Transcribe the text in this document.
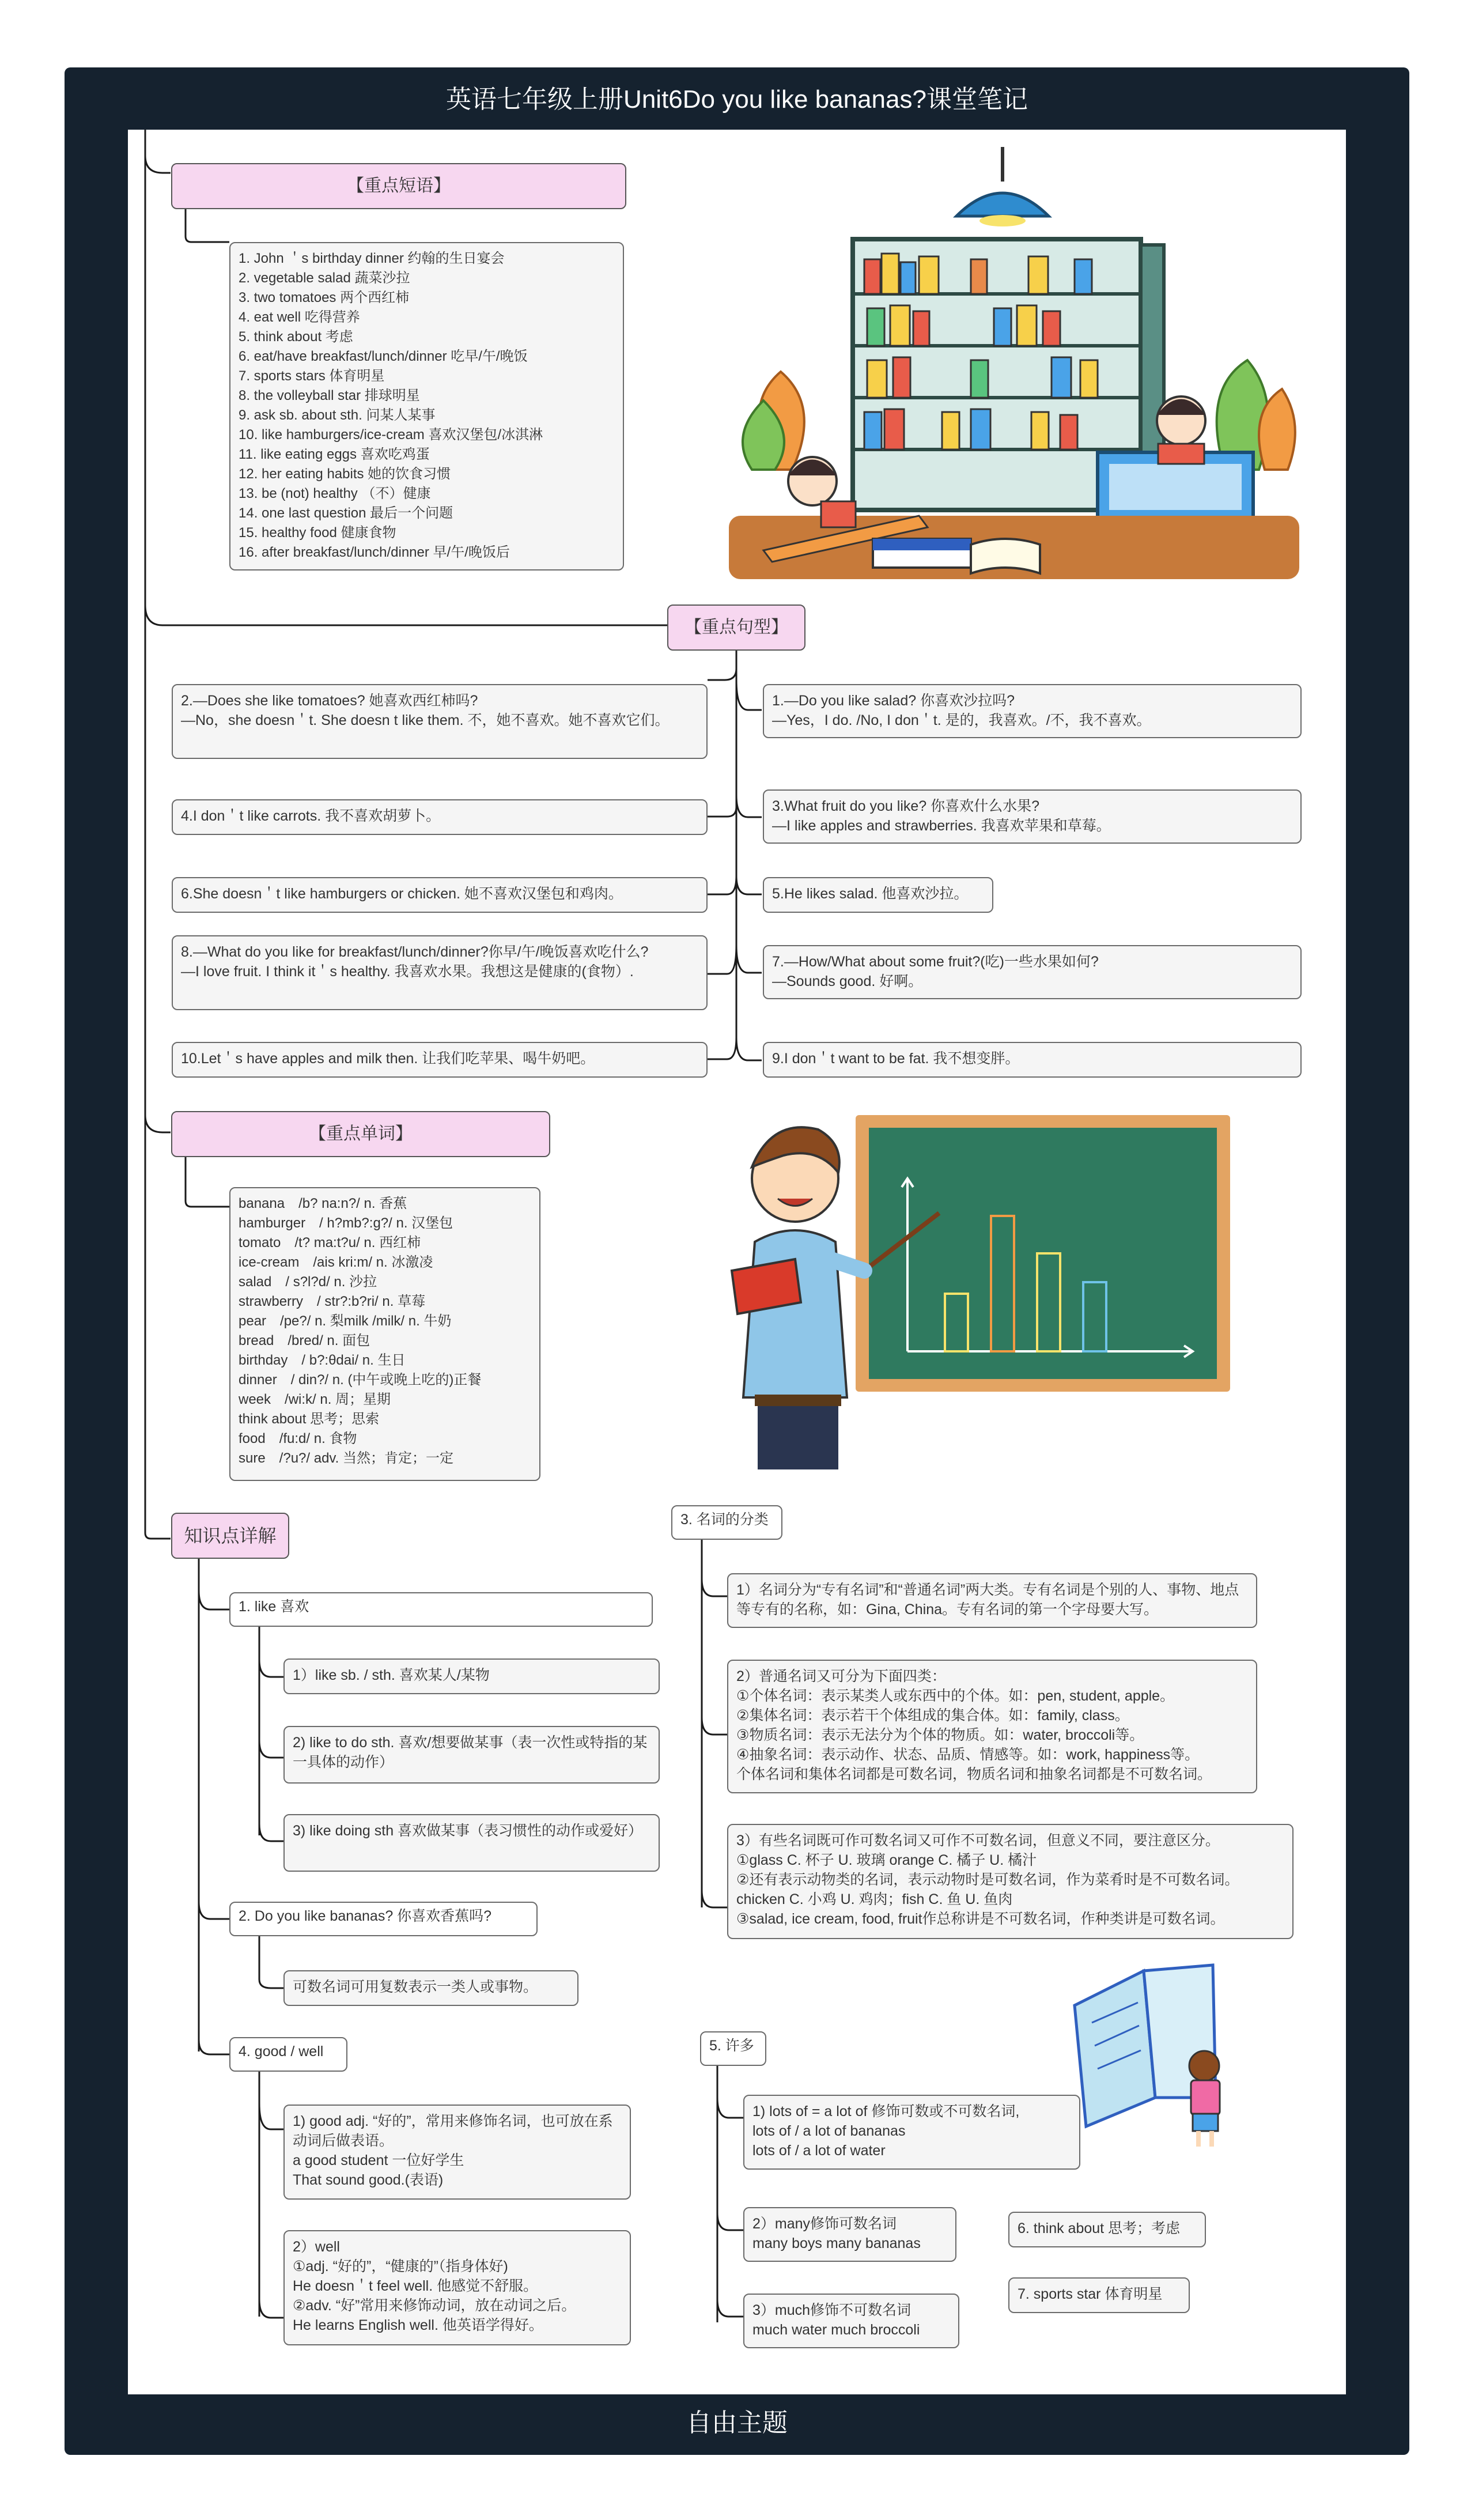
英语七年级上册Unit6Do you like bananas?课堂笔记
自由主题
【重点短语】
1. John ＇s birthday dinner 约翰的生日宴会
2. vegetable salad 蔬菜沙拉
3. two tomatoes 两个西红柿
4. eat well 吃得营养
5. think about 考虑
6. eat/have breakfast/lunch/dinner 吃早/午/晚饭
7. sports stars 体育明星
8. the volleyball star 排球明星
9. ask sb. about sth. 问某人某事
10. like hamburgers/ice-cream 喜欢汉堡包/冰淇淋
11. like eating eggs 喜欢吃鸡蛋
12. her eating habits 她的饮食习惯
13. be (not) healthy （不）健康
14. one last question 最后一个问题
15. healthy food 健康食物
16. after breakfast/lunch/dinner 早/午/晚饭后
【重点句型】
2.—Does she like tomatoes? 她喜欢西红柿吗?
—No，she doesn＇t. She doesn t like them. 不，她不喜欢。她不喜欢它们。
4.I don＇t like carrots. 我不喜欢胡萝卜。
6.She doesn＇t like hamburgers or chicken. 她不喜欢汉堡包和鸡肉。
8.—What do you like for breakfast/lunch/dinner?你早/午/晚饭喜欢吃什么?
—I love fruit. I think it＇s healthy. 我喜欢水果。我想这是健康的(食物）.
10.Let＇s have apples and milk then. 让我们吃苹果、喝牛奶吧。
1.—Do you like salad? 你喜欢沙拉吗?
—Yes，I do. /No, I don＇t. 是的，我喜欢。/不，我不喜欢。
3.What fruit do you like? 你喜欢什么水果?
—I like apples and strawberries. 我喜欢苹果和草莓。
5.He likes salad. 他喜欢沙拉。
7.—How/What about some fruit?(吃)一些水果如何?
—Sounds good. 好啊。
9.I don＇t want to be fat. 我不想变胖。
【重点单词】
banana　/b? na:n?/ n. 香蕉
hamburger　/ h?mb?:g?/ n. 汉堡包
tomato　/t? ma:t?u/ n. 西红柿
ice-cream　/ais kri:m/ n. 冰激凌
salad　/ s?l?d/ n. 沙拉
strawberry　/ str?:b?ri/ n. 草莓
pear　/pe?/ n. 梨milk /milk/ n. 牛奶
bread　/bred/ n. 面包
birthday　/ b?:θdai/ n. 生日
dinner　/ din?/ n. (中午或晚上吃的)正餐
week　/wi:k/ n. 周；星期
think about 思考；思索
food　/fu:d/ n. 食物
sure　/?u?/ adv. 当然；肯定；一定
知识点详解
1. like 喜欢
1）like sb. / sth. 喜欢某人/某物
2) like to do sth. 喜欢/想要做某事（表一次性或特指的某一具体的动作）
3) like doing sth 喜欢做某事（表习惯性的动作或爱好）
2. Do you like bananas? 你喜欢香蕉吗?
可数名词可用复数表示一类人或事物。
4. good / well
1) good adj. “好的”，常用来修饰名词，也可放在系动词后做表语。
a good student 一位好学生
That sound good.(表语)
2）well
①adj. “好的”，“健康的”（指身体好)
He doesn＇t feel well. 他感觉不舒服。
②adv. “好”常用来修饰动词，放在动词之后。
He learns English well. 他英语学得好。
3. 名词的分类
1）名词分为“专有名词”和“普通名词”两大类。专有名词是个别的人、事物、地点等专有的名称，如：Gina, China。专有名词的第一个字母要大写。
2）普通名词又可分为下面四类：
①个体名词：表示某类人或东西中的个体。如：pen, student, apple。
②集体名词：表示若干个体组成的集合体。如：family, class。
③物质名词：表示无法分为个体的物质。如：water, broccoli等。
④抽象名词：表示动作、状态、品质、情感等。如：work, happiness等。
个体名词和集体名词都是可数名词，物质名词和抽象名词都是不可数名词。
3）有些名词既可作可数名词又可作不可数名词，但意义不同，要注意区分。
①glass C. 杯子 U. 玻璃 orange C. 橘子 U. 橘汁
②还有表示动物类的名词，表示动物时是可数名词，作为菜肴时是不可数名词。
chicken C. 小鸡 U. 鸡肉；fish C. 鱼 U. 鱼肉
③salad, ice cream, food, fruit作总称讲是不可数名词，作种类讲是可数名词。
5. 许多
1) lots of = a lot of 修饰可数或不可数名词,
lots of / a lot of bananas
lots of / a lot of water
2）many修饰可数名词
many boys many bananas
3）much修饰不可数名词
much water much broccoli
6. think about 思考；考虑
7. sports star 体育明星
